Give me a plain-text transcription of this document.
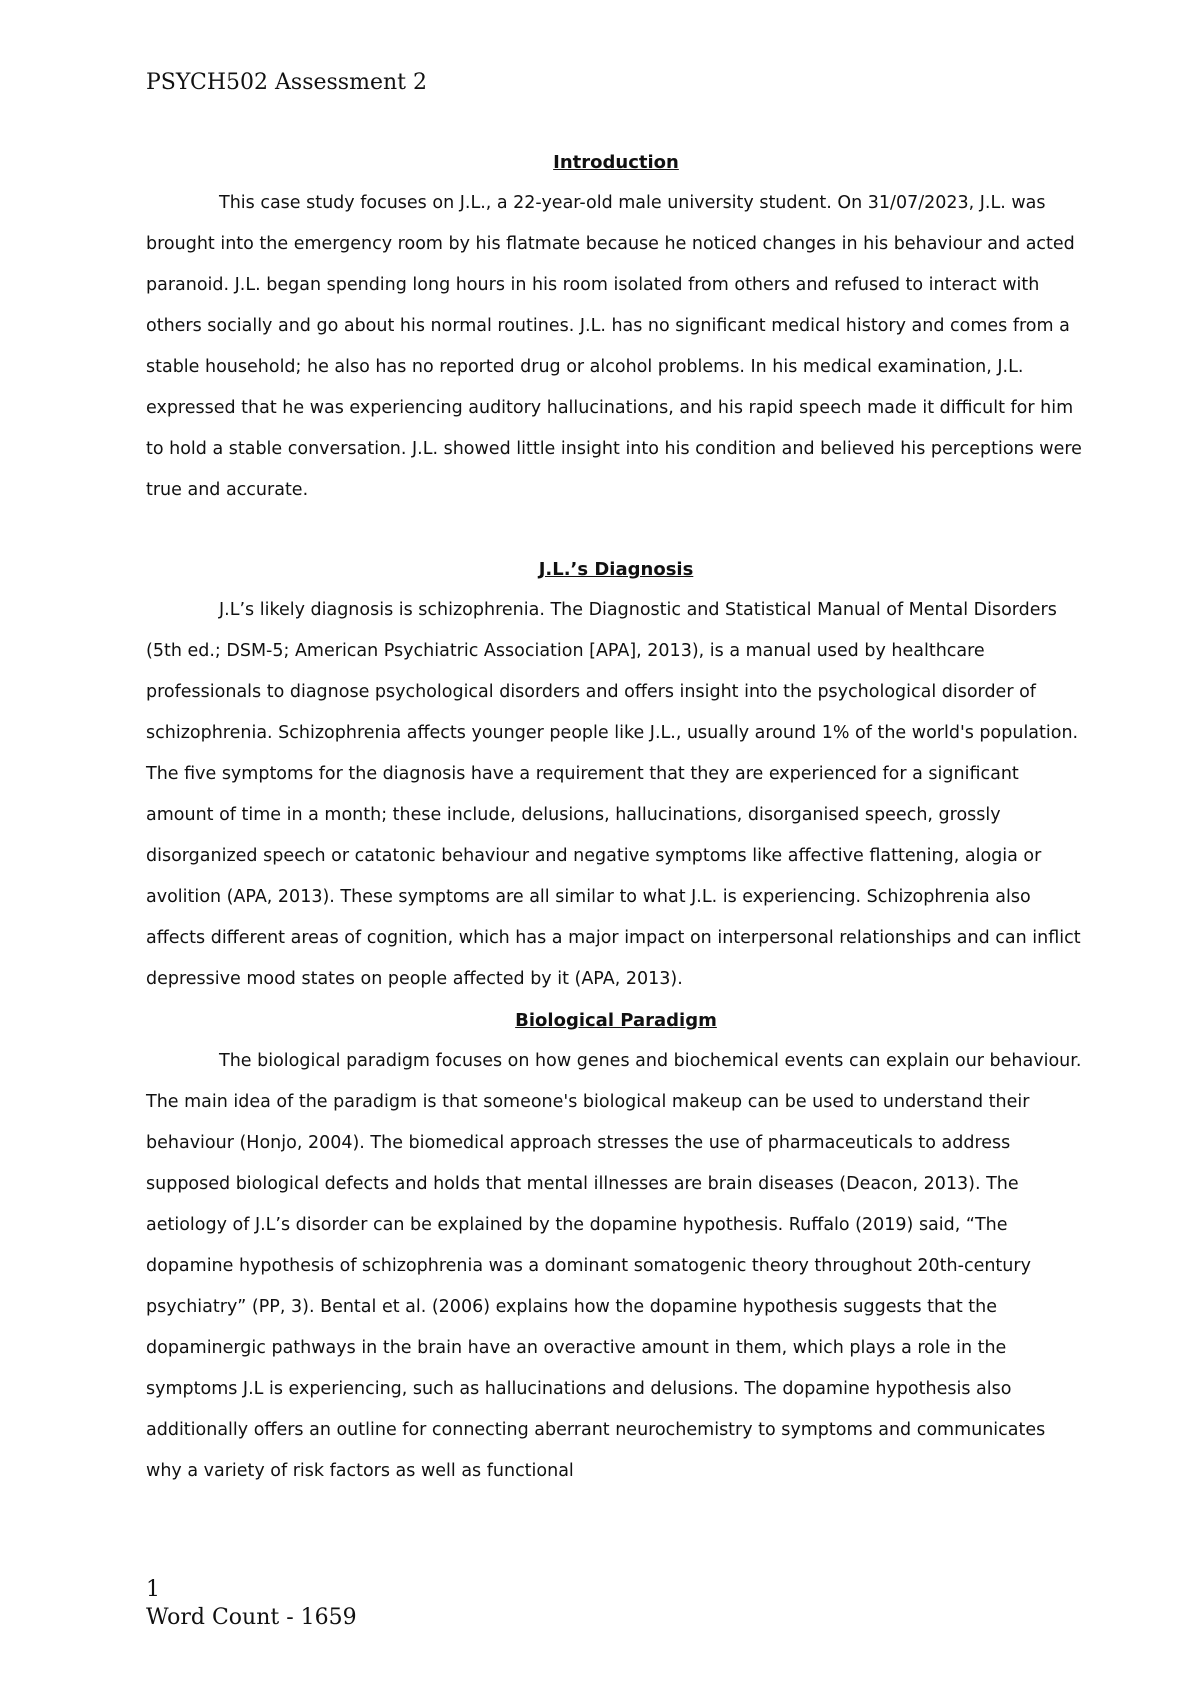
PSYCH502 Assessment 2
Introduction

This case study focuses on J.L., a 22-year-old male university student. On 31/07/2023, J.L. was brought into the emergency room by his flatmate because he noticed changes in his behaviour and acted paranoid. J.L. began spending long hours in his room isolated from others and refused to interact with others socially and go about his normal routines. J.L. has no significant medical history and comes from a stable household; he also has no reported drug or alcohol problems. In his medical examination, J.L. expressed that he was experiencing auditory hallucinations, and his rapid speech made it difficult for him to hold a stable conversation. J.L. showed little insight into his condition and believed his perceptions were true and accurate.

J.L.’s Diagnosis

J.L’s likely diagnosis is schizophrenia. The Diagnostic and Statistical Manual of Mental Disorders (5th ed.; DSM-5; American Psychiatric Association [APA], 2013), is a manual used by healthcare professionals to diagnose psychological disorders and offers insight into the psychological disorder of schizophrenia. Schizophrenia affects younger people like J.L., usually around 1% of the world's population. The five symptoms for the diagnosis have a requirement that they are experienced for a significant amount of time in a month; these include, delusions, hallucinations, disorganised speech, grossly disorganized speech or catatonic behaviour and negative symptoms like affective flattening, alogia or avolition (APA, 2013). These symptoms are all similar to what J.L. is experiencing. Schizophrenia also affects different areas of cognition, which has a major impact on interpersonal relationships and can inflict depressive mood states on people affected by it (APA, 2013).

Biological Paradigm

The biological paradigm focuses on how genes and biochemical events can explain our behaviour. The main idea of the paradigm is that someone's biological makeup can be used to understand their behaviour (Honjo, 2004). The biomedical approach stresses the use of pharmaceuticals to address supposed biological defects and holds that mental illnesses are brain diseases (Deacon, 2013). The aetiology of J.L’s disorder can be explained by the dopamine hypothesis. Ruffalo (2019) said, “The dopamine hypothesis of schizophrenia was a dominant somatogenic theory throughout 20th-century psychiatry” (PP, 3). Bental et al. (2006) explains how the dopamine hypothesis suggests that the dopaminergic pathways in the brain have an overactive amount in them, which plays a role in the symptoms J.L is experiencing, such as hallucinations and delusions. The dopamine hypothesis also additionally offers an outline for connecting aberrant neurochemistry to symptoms and communicates why a variety of risk factors as well as functional

1
Word Count - 1659
